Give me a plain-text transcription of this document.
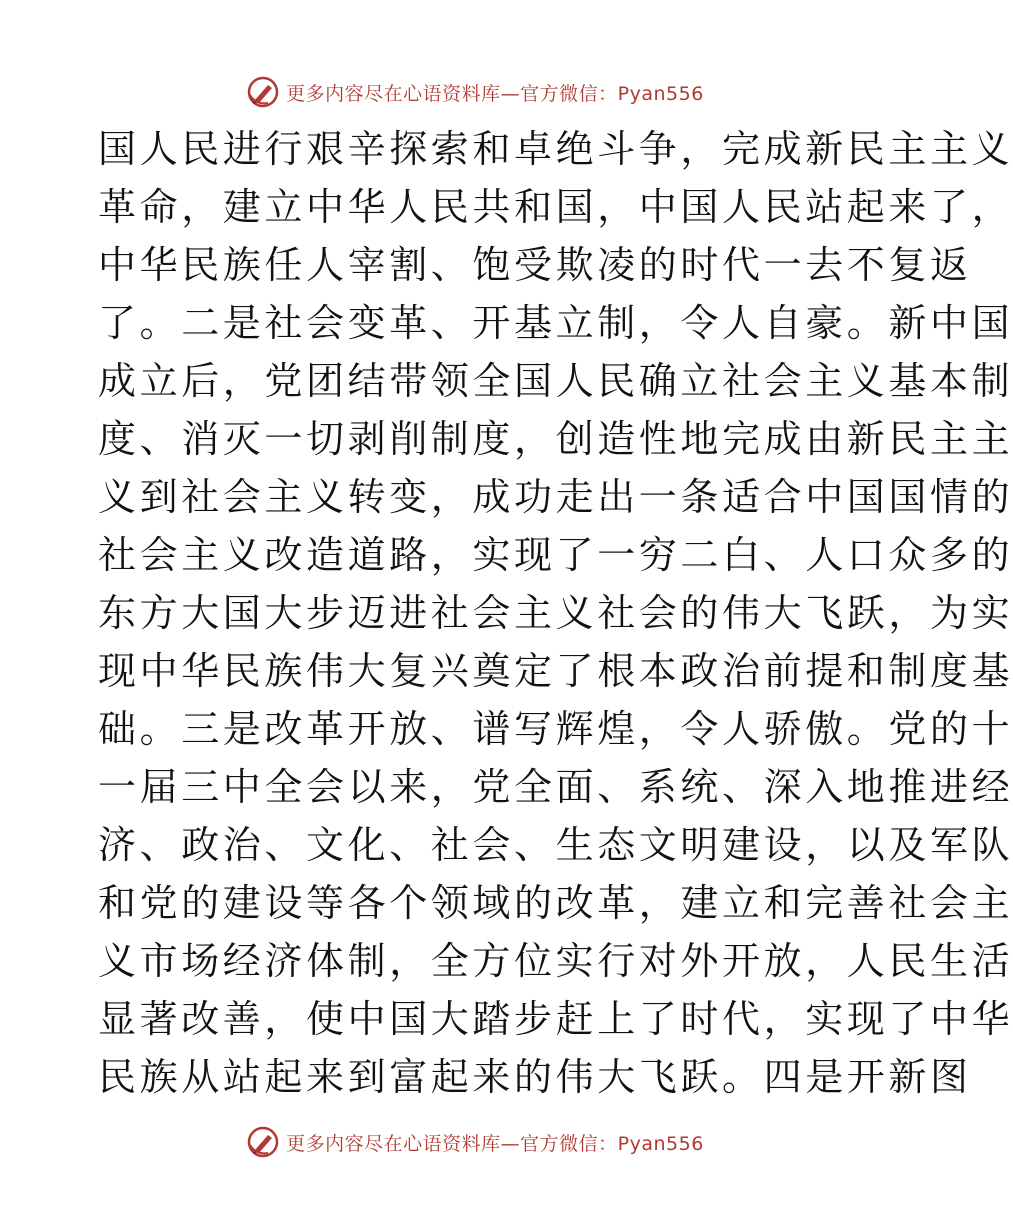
更多内容尽在心语资料库—官方微信：Pyan556
国人民进行艰辛探索和卓绝斗争，完成新民主主义
革命，建立中华人民共和国，中国人民站起来了，
中华民族任人宰割、饱受欺凌的时代一去不复返
了。二是社会变革、开基立制，令人自豪。新中国
成立后，党团结带领全国人民确立社会主义基本制
度、消灭一切剥削制度，创造性地完成由新民主主
义到社会主义转变，成功走出一条适合中国国情的
社会主义改造道路，实现了一穷二白、人口众多的
东方大国大步迈进社会主义社会的伟大飞跃，为实
现中华民族伟大复兴奠定了根本政治前提和制度基
础。三是改革开放、谱写辉煌，令人骄傲。党的十
一届三中全会以来，党全面、系统、深入地推进经
济、政治、文化、社会、生态文明建设，以及军队
和党的建设等各个领域的改革，建立和完善社会主
义市场经济体制，全方位实行对外开放，人民生活
显著改善，使中国大踏步赶上了时代，实现了中华
民族从站起来到富起来的伟大飞跃。四是开新图
更多内容尽在心语资料库—官方微信：Pyan556
